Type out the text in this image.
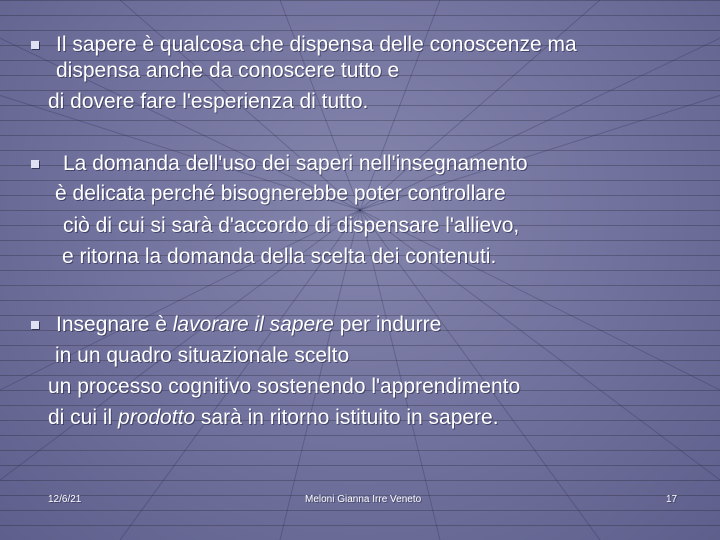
Il sapere è qualcosa che dispensa delle conoscenze ma
dispensa anche da conoscere tutto e
di dovere fare l'esperienza di tutto.
La domanda dell'uso dei saperi nell'insegnamento
è delicata perché bisognerebbe poter controllare
ciò di cui si sarà d'accordo di dispensare l'allievo,
e ritorna la domanda della scelta dei contenuti.
Insegnare è lavorare il sapere per indurre
in un quadro situazionale scelto
un processo cognitivo sostenendo l'apprendimento
di cui il prodotto sarà in ritorno istituito in sapere.
12/6/21	Meloni Gianna Irre Veneto	17
